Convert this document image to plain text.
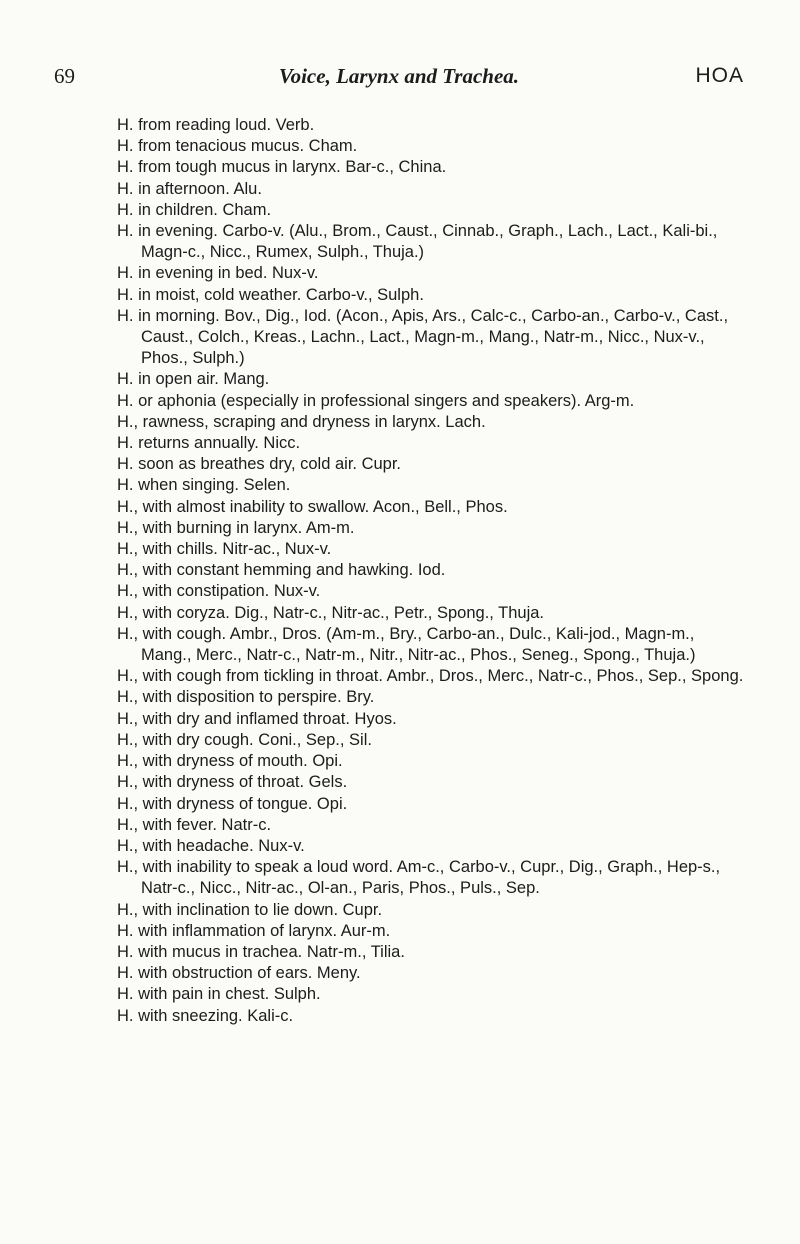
69	Voice, Larynx and Trachea.	HOA
H. from reading loud. Verb.
H. from tenacious mucus. Cham.
H. from tough mucus in larynx. Bar-c., China.
H. in afternoon. Alu.
H. in children. Cham.
H. in evening. Carbo-v. (Alu., Brom., Caust., Cinnab., Graph., Lach., Lact., Kali-bi., Magn-c., Nicc., Rumex, Sulph., Thuja.)
H. in evening in bed. Nux-v.
H. in moist, cold weather. Carbo-v., Sulph.
H. in morning. Bov., Dig., Iod. (Acon., Apis, Ars., Calc-c., Carbo-an., Carbo-v., Cast., Caust., Colch., Kreas., Lachn., Lact., Magn-m., Mang., Natr-m., Nicc., Nux-v., Phos., Sulph.)
H. in open air. Mang.
H. or aphonia (especially in professional singers and speakers). Arg-m.
H., rawness, scraping and dryness in larynx. Lach.
H. returns annually. Nicc.
H. soon as breathes dry, cold air. Cupr.
H. when singing. Selen.
H., with almost inability to swallow. Acon., Bell., Phos.
H., with burning in larynx. Am-m.
H., with chills. Nitr-ac., Nux-v.
H., with constant hemming and hawking. Iod.
H., with constipation. Nux-v.
H., with coryza. Dig., Natr-c., Nitr-ac., Petr., Spong., Thuja.
H., with cough. Ambr., Dros. (Am-m., Bry., Carbo-an., Dulc., Kali-jod., Magn-m., Mang., Merc., Natr-c., Natr-m., Nitr., Nitr-ac., Phos., Seneg., Spong., Thuja.)
H., with cough from tickling in throat. Ambr., Dros., Merc., Natr-c., Phos., Sep., Spong.
H., with disposition to perspire. Bry.
H., with dry and inflamed throat. Hyos.
H., with dry cough. Coni., Sep., Sil.
H., with dryness of mouth. Opi.
H., with dryness of throat. Gels.
H., with dryness of tongue. Opi.
H., with fever. Natr-c.
H., with headache. Nux-v.
H., with inability to speak a loud word. Am-c., Carbo-v., Cupr., Dig., Graph., Hep-s., Natr-c., Nicc., Nitr-ac., Ol-an., Paris, Phos., Puls., Sep.
H., with inclination to lie down. Cupr.
H. with inflammation of larynx. Aur-m.
H. with mucus in trachea. Natr-m., Tilia.
H. with obstruction of ears. Meny.
H. with pain in chest. Sulph.
H. with sneezing. Kali-c.
